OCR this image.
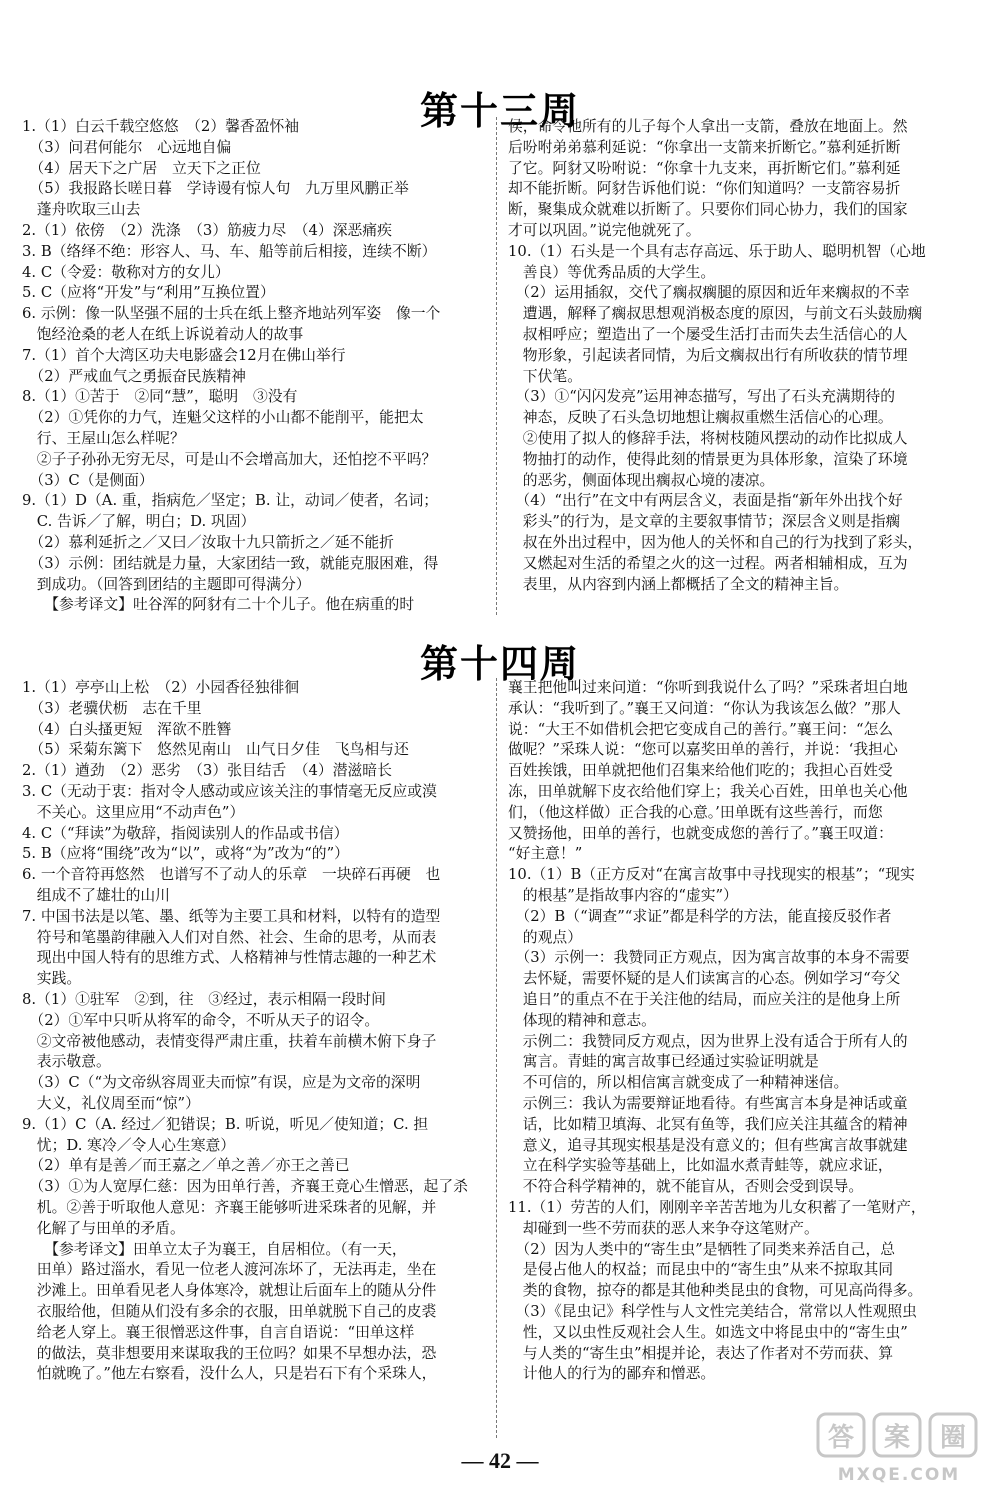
第十三周
1.（1）白云千载空悠悠　（2）馨香盈怀袖
　（3）问君何能尔　心远地自偏
　（4）居天下之广居　立天下之正位
　（5）我报路长嗟日暮　学诗谩有惊人句　九万里风鹏正举
　蓬舟吹取三山去
2.（1）依傍　（2）洗涤　（3）筋疲力尽　（4）深恶痛疾
3. B（络绎不绝：形容人、马、车、船等前后相接，连续不断）
4. C（令爱：敬称对方的女儿）
5. C（应将“开发”与“利用”互换位置）
6. 示例：像一队坚强不屈的士兵在纸上整齐地站列军姿　像一个
　饱经沧桑的老人在纸上诉说着动人的故事
7.（1）首个大湾区功夫电影盛会12月在佛山举行
　（2）严戒血气之勇振奋民族精神
8.（1）①苦于　②同“慧”，聪明　③没有
　（2）①凭你的力气，连魁父这样的小山都不能削平，能把太
　行、王屋山怎么样呢？
　②子子孙孙无穷无尽，可是山不会增高加大，还怕挖不平吗？
　（3）C（是侧面）
9.（1）D（A. 重，指病危／坚定；B. 让，动词／使者，名词；
　C. 告诉／了解，明白；D. 巩固）
　（2）慕利延折之／又曰／汝取十九只箭折之／延不能折
　（3）示例：团结就是力量，大家团结一致，就能克服困难，得
　到成功。（回答到团结的主题即可得满分）
　　【参考译文】吐谷浑的阿豺有二十个儿子。他在病重的时
侯，命令他所有的儿子每个人拿出一支箭，叠放在地面上。然
后吩咐弟弟慕利延说：“你拿出一支箭来折断它。”慕利延折断
了它。阿豺又吩咐说：“你拿十九支来，再折断它们。”慕利延
却不能折断。阿豺告诉他们说：“你们知道吗？一支箭容易折
断，聚集成众就难以折断了。只要你们同心协力，我们的国家
才可以巩固。”说完他就死了。
10.（1）石头是一个具有志存高远、乐于助人、聪明机智（心地
　善良）等优秀品质的大学生。
　（2）运用插叙，交代了瘸叔瘸腿的原因和近年来瘸叔的不幸
　遭遇，解释了瘸叔思想观消极态度的原因，与前文石头鼓励瘸
　叔相呼应；塑造出了一个屡受生活打击而失去生活信心的人
　物形象，引起读者同情，为后文瘸叔出行有所收获的情节埋
　下伏笔。
　（3）①“闪闪发亮”运用神态描写，写出了石头充满期待的
　神态，反映了石头急切地想让瘸叔重燃生活信心的心理。
　②使用了拟人的修辞手法，将树枝随风摆动的动作比拟成人
　物抽打的动作，使得此刻的情景更为具体形象，渲染了环境
　的恶劣，侧面体现出瘸叔心境的凄凉。
　（4）“出行”在文中有两层含义，表面是指“新年外出找个好
　彩头”的行为，是文章的主要叙事情节；深层含义则是指瘸
　叔在外出过程中，因为他人的关怀和自己的行为找到了彩头，
　又燃起对生活的希望之火的这一过程。两者相辅相成，互为
　表里，从内容到内涵上都概括了全文的精神主旨。
第十四周
1.（1）亭亭山上松　（2）小园香径独徘徊
　（3）老骥伏枥　志在千里
　（4）白头搔更短　浑欲不胜簪
　（5）采菊东篱下　悠然见南山　山气日夕佳　飞鸟相与还
2.（1）遒劲　（2）恶劣　（3）张目结舌　（4）潜滋暗长
3. C（无动于衷：指对令人感动或应该关注的事情毫无反应或漠
　不关心。这里应用“不动声色”）
4. C（“拜读”为敬辞，指阅读别人的作品或书信）
5. B（应将“围绕”改为“以”，或将“为”改为“的”）
6. 一个音符再悠然　也谱写不了动人的乐章　一块碎石再硬　也
　组成不了雄壮的山川
7. 中国书法是以笔、墨、纸等为主要工具和材料，以特有的造型
　符号和笔墨韵律融入人们对自然、社会、生命的思考，从而表
　现出中国人特有的思维方式、人格精神与性情志趣的一种艺术
　实践。
8.（1）①驻军　②到，往　③经过，表示相隔一段时间
　（2）①军中只听从将军的命令，不听从天子的诏令。
　②文帝被他感动，表情变得严肃庄重，扶着车前横木俯下身子
　表示敬意。
　（3）C（“为文帝纵容周亚夫而惊”有误，应是为文帝的深明
　大义，礼仪周至而“惊”）
9.（1）C（A. 经过／犯错误；B. 听说，听见／使知道；C. 担
　忧；D. 寒冷／令人心生寒意）
　（2）单有是善／而王嘉之／单之善／亦王之善已
　（3）①为人宽厚仁慈：因为田单行善，齐襄王竟心生憎恶，起了杀
　机。②善于听取他人意见：齐襄王能够听进采珠者的见解，并
　化解了与田单的矛盾。
　　【参考译文】田单立太子为襄王，自居相位。（有一天，
　田单）路过淄水，看见一位老人渡河冻坏了，无法再走，坐在
　沙滩上。田单看见老人身体寒冷，就想让后面车上的随从分件
　衣服给他，但随从们没有多余的衣服，田单就脱下自己的皮裘
　给老人穿上。襄王很憎恶这件事，自言自语说：“田单这样
　的做法，莫非想要用来谋取我的王位吗？如果不早想办法，恐
　怕就晚了。”他左右察看，没什么人，只是岩石下有个采珠人，
襄王把他叫过来问道：“你听到我说什么了吗？”采珠者坦白地
承认：“我听到了。”襄王又问道：“你认为我该怎么做？”那人
说：“大王不如借机会把它变成自己的善行。”襄王问：“怎么
做呢？”采珠人说：“您可以嘉奖田单的善行，并说：‘我担心
百姓挨饿，田单就把他们召集来给他们吃的；我担心百姓受
冻，田单就解下皮衣给他们穿上；我关心百姓，田单也关心他
们，（他这样做）正合我的心意。’田单既有这些善行，而您
又赞扬他，田单的善行，也就变成您的善行了。”襄王叹道：
“好主意！”
10.（1）B（正方反对“在寓言故事中寻找现实的根基”；“现实
　的根基”是指故事内容的“虚实”）
　（2）B（“调查”“求证”都是科学的方法，能直接反驳作者
　的观点）
　（3）示例一：我赞同正方观点，因为寓言故事的本身不需要
　去怀疑，需要怀疑的是人们读寓言的心态。例如学习“夸父
　追日”的重点不在于关注他的结局，而应关注的是他身上所
　体现的精神和意志。
　示例二：我赞同反方观点，因为世界上没有适合于所有人的
　寓言。青蛙的寓言故事已经通过实验证明就是
　不可信的，所以相信寓言就变成了一种精神迷信。
　示例三：我认为需要辩证地看待。有些寓言本身是神话或童
　话，比如精卫填海、北冥有鱼等，我们应关注其蕴含的精神
　意义，追寻其现实根基是没有意义的；但有些寓言故事就建
　立在科学实验等基础上，比如温水煮青蛙等，就应求证，
　不符合科学精神的，就不能盲从，否则会受到误导。
11.（1）劳苦的人们，刚刚辛辛苦苦地为儿女积蓄了一笔财产，
　却碰到一些不劳而获的恶人来争夺这笔财产。
　（2）因为人类中的“寄生虫”是牺牲了同类来养活自己，总
　是侵占他人的权益；而昆虫中的“寄生虫”从来不掠取其同
　类的食物，掠夺的都是其他种类昆虫的食物，可见高尚得多。
　（3）《昆虫记》科学性与人文性完美结合，常常以人性观照虫
　性，又以虫性反观社会人生。如选文中将昆虫中的“寄生虫”
　与人类的“寄生虫”相提并论，表达了作者对不劳而获、算
　计他人的行为的鄙弃和憎恶。
— 42 —
答 案 圈
MXQE.COM
